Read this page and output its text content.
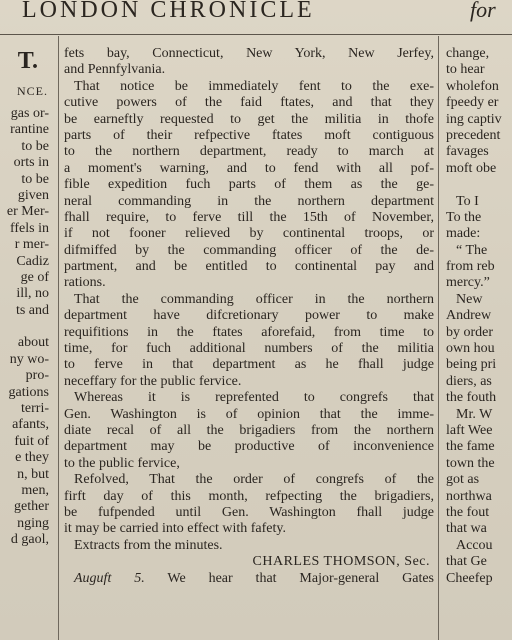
LONDON CHRONICLE	for
T.
NCE.
gas or-
rantine
to be
orts in
to be
given
er Mer-
ffels in
r mer-
Cadiz
ge of
ill, no
ts and
about
ny wo-
pro-
gations
terri-
afants,
fuit of
e they
n, but
men,
gether
nging
d gaol,
fets bay, Connecticut, New York, New Jerfey,
and Pennfylvania.
That notice be immediately fent to the exe-
cutive powers of the faid ftates, and that they
be earneftly requested to get the militia in thofe
parts of their refpective ftates moft contiguous
to the northern department, ready to march at
a moment's warning, and to fend with all pof-
fible expedition fuch parts of them as the ge-
neral commanding in the northern department
fhall require, to ferve till the 15th of November,
if not fooner relieved by continental troops, or
difmiffed by the commanding officer of the de-
partment, and be entitled to continental pay and
rations.
That the commanding officer in the northern
department have difcretionary power to make
requifitions in the ftates aforefaid, from time to
time, for fuch additional numbers of the militia
to ferve in that department as he fhall judge
neceffary for the public fervice.
Whereas it is reprefented to congrefs that
Gen. Washington is of opinion that the imme-
diate recal of all the brigadiers from the northern
department may be productive of inconvenience
to the public fervice,
Refolved, That the order of congrefs of the
firft day of this month, refpecting the brigadiers,
be fufpended until Gen. Washington fhall judge
it may be carried into effect with fafety.
Extracts from the minutes.
CHARLES THOMSON, Sec.
Auguft 5. We hear that Major-general Gates
change,
to hear
wholefon
fpeedy er
ing captiv
precedent
favages
moft obe
To I
To the
made:
“ The
from reb
mercy.”
New
Andrew
by order
own hou
being pri
diers, as
the fouth
Mr. W
laft Wee
the fame
town the
got as
northwa
the fout
that wa
Accou
that Ge
Cheefep
